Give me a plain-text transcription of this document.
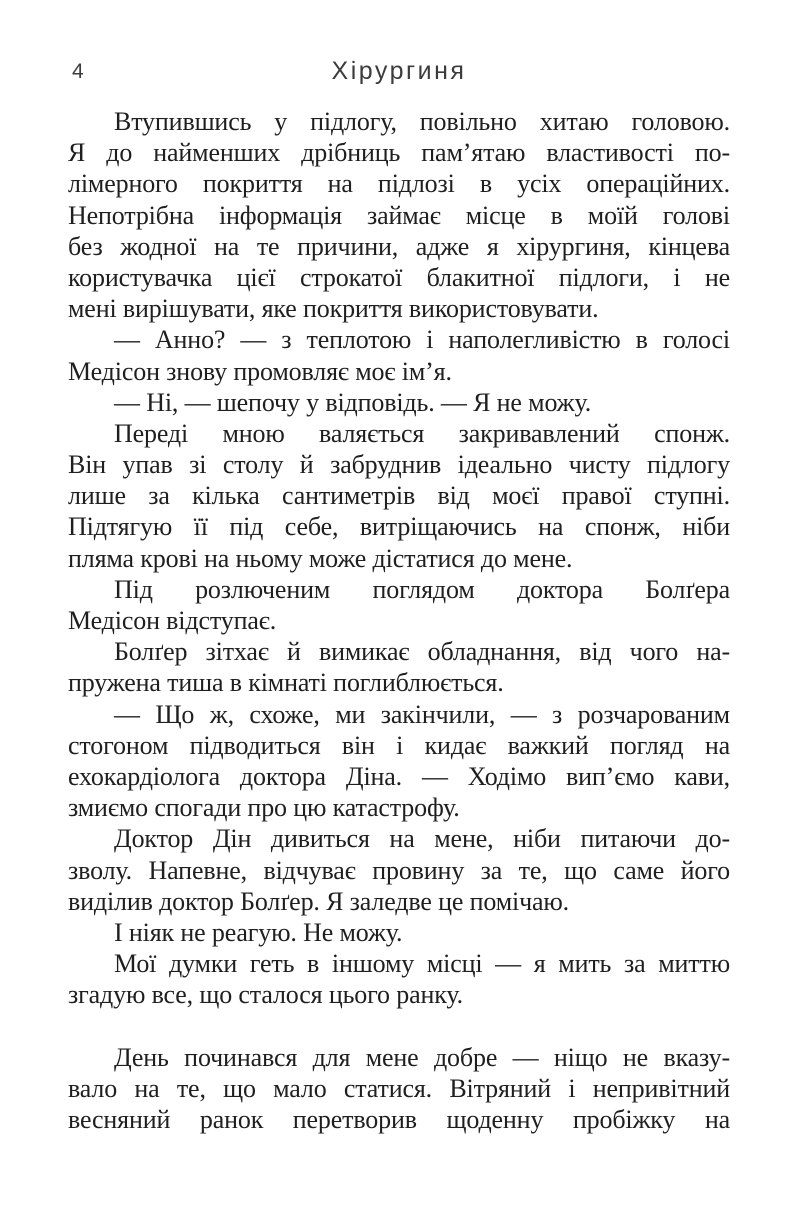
4	Хірургиня
Втупившись у підлогу, повільно хитаю головою.
Я до найменших дрібниць пам’ятаю властивості по-
лімерного покриття на підлозі в усіх операційних.
Непотрібна інформація займає місце в моїй голові
без жодної на те причини, адже я хірургиня, кінцева
користувачка цієї строкатої блакитної підлоги, і не
мені вирішувати, яке покриття використовувати.
— Анно? — з теплотою і наполегливістю в голосі
Медісон знову промовляє моє ім’я.
— Ні, — шепочу у відповідь. — Я не можу.
Переді мною валяється закривавлений спонж.
Він упав зі столу й забруднив ідеально чисту підлогу
лише за кілька сантиметрів від моєї правої ступні.
Підтягую її під себе, витріщаючись на спонж, ніби
пляма крові на ньому може дістатися до мене.
Під розлюченим поглядом доктора Болґера
Медісон відступає.
Болґер зітхає й вимикає обладнання, від чого на-
пружена тиша в кімнаті поглиблюється.
— Що ж, схоже, ми закінчили, — з розчарованим
стогоном підводиться він і кидає важкий погляд на
ехокардіолога доктора Діна. — Ходімо вип’ємо кави,
змиємо спогади про цю катастрофу.
Доктор Дін дивиться на мене, ніби питаючи до-
зволу. Напевне, відчуває провину за те, що саме його
виділив доктор Болґер. Я заледве це помічаю.
І ніяк не реагую. Не можу.
Мої думки геть в іншому місці — я мить за миттю
згадую все, що сталося цього ранку.
День починався для мене добре — ніщо не вказу-
вало на те, що мало статися. Вітряний і непривітний
весняний ранок перетворив щоденну пробіжку на
